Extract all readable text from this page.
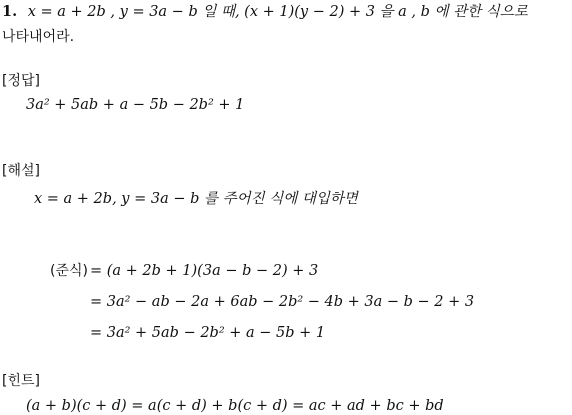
1. x = a + 2b , y = 3a − b 일 때, (x + 1)(y − 2) + 3 을 a , b 에 관한 식으로
나타내어라.
[정답]
3a² + 5ab + a − 5b − 2b² + 1
[해설]
x = a + 2b, y = 3a − b 를 주어진 식에 대입하면
(준식) = (a + 2b + 1)(3a − b − 2) + 3
= 3a² − ab − 2a + 6ab − 2b² − 4b + 3a − b − 2 + 3
= 3a² + 5ab − 2b² + a − 5b + 1
[힌트]
(a + b)(c + d) = a(c + d) + b(c + d) = ac + ad + bc + bd
